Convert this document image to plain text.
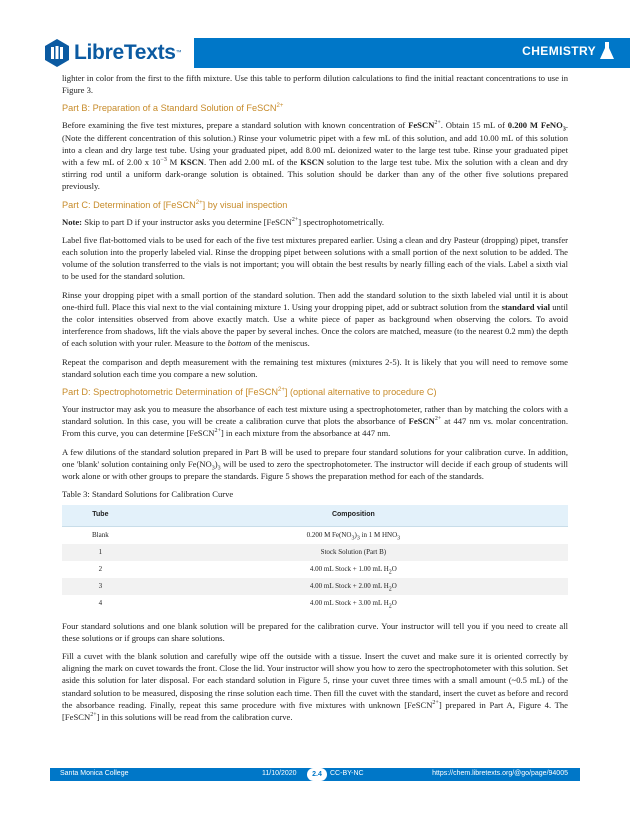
LibreTexts ™	CHEMISTRY

lighter in color from the first to the fifth mixture. Use this table to perform dilution calculations to find the initial reactant concentrations to use in Figure 3.

Part B: Preparation of a Standard Solution of FeSCN$^{2+}$

Before examining the five test mixtures, prepare a standard solution with known concentration of FeSCN$^{2+}$. Obtain 15 mL of 0.200 M FeNO$_3$. (Note the different concentration of this solution.) Rinse your volumetric pipet with a few mL of this solution, and add 10.00 mL of this solution into a clean and dry large test tube. Using your graduated pipet, add 8.00 mL deionized water to the large test tube. Rinse your graduated pipet with a few mL of 2.00 x $10^{-3}$ M KSCN. Then add 2.00 mL of the KSCN solution to the large test tube. Mix the solution with a clean and dry stirring rod until a uniform dark-orange solution is obtained. This solution should be darker than any of the other five solutions prepared previously.

Part C: Determination of [FeSCN$^{2+}$] by visual inspection

Note: Skip to part D if your instructor asks you determine [FeSCN$^{2+}$] spectrophotometrically.

Label five flat-bottomed vials to be used for each of the five test mixtures prepared earlier. Using a clean and dry Pasteur (dropping) pipet, transfer each solution into the properly labeled vial. Rinse the dropping pipet between solutions with a small portion of the next solution to be added. The volume of the solution transferred to the vials is not important; you will obtain the best results by nearly filling each of the vials. Label a sixth vial to be used for the standard solution.

Rinse your dropping pipet with a small portion of the standard solution. Then add the standard solution to the sixth labeled vial until it is about one-third full. Place this vial next to the vial containing mixture 1. Using your dropping pipet, add or subtract solution from the standard vial until the color intensities observed from above exactly match. Use a white piece of paper as background when observing the colors. To avoid interference from shadows, lift the vials above the paper by several inches. Once the colors are matched, measure (to the nearest 0.2 mm) the depth of each solution with your ruler. Measure to the bottom of the meniscus.

Repeat the comparison and depth measurement with the remaining test mixtures (mixtures 2-5). It is likely that you will need to remove some standard solution each time you compare a new solution.

Part D: Spectrophotometric Determination of [FeSCN$^{2+}$] (optional alternative to procedure C)

Your instructor may ask you to measure the absorbance of each test mixture using a spectrophotometer, rather than by matching the colors with a standard solution. In this case, you will be create a calibration curve that plots the absorbance of FeSCN$^{2+}$ at 447 nm vs. molar concentration. From this curve, you can determine [FeSCN$^{2+}$] in each mixture from the absorbance at 447 nm.

A few dilutions of the standard solution prepared in Part B will be used to prepare four standard solutions for your calibration curve. In addition, one 'blank' solution containing only $Fe(NO_3)_3$ will be used to zero the spectrophotometer. The instructor will decide if each group of students will work alone or with other groups to prepare the standards. Figure 5 shows the preparation method for each of the standards.

Table 3: Standard Solutions for Calibration Curve
Tube	Composition
Blank	0.200 M $Fe(NO_3)_3$ in 1 M $HNO_3$
1	Stock Solution (Part B)
2	4.00 mL Stock + 1.00 mL $H_2O$
3	4.00 mL Stock + 2.00 mL $H_2O$
4	4.00 mL Stock + 3.00 mL $H_2O$

Four standard solutions and one blank solution will be prepared for the calibration curve. Your instructor will tell you if you need to create all these solutions or if groups can share solutions.

Fill a cuvet with the blank solution and carefully wipe off the outside with a tissue. Insert the cuvet and make sure it is oriented correctly by aligning the mark on cuvet towards the front. Close the lid. Your instructor will show you how to zero the spectrophotometer with this solution. Set aside this solution for later disposal. For each standard solution in Figure 5, rinse your cuvet three times with a small amount (~0.5 mL) of the standard solution to be measured, disposing the rinse solution each time. Then fill the cuvet with the standard, insert the cuvet as before and record the absorbance reading. Finally, repeat this same procedure with five mixtures with unknown [FeSCN$^{2+}$] prepared in Part A, Figure 4. The [FeSCN$^{2+}$] in this solutions will be read from the calibration curve.

Santa Monica College	11/10/2020	2.4	CC-BY-NC	https://chem.libretexts.org/@go/page/94005
